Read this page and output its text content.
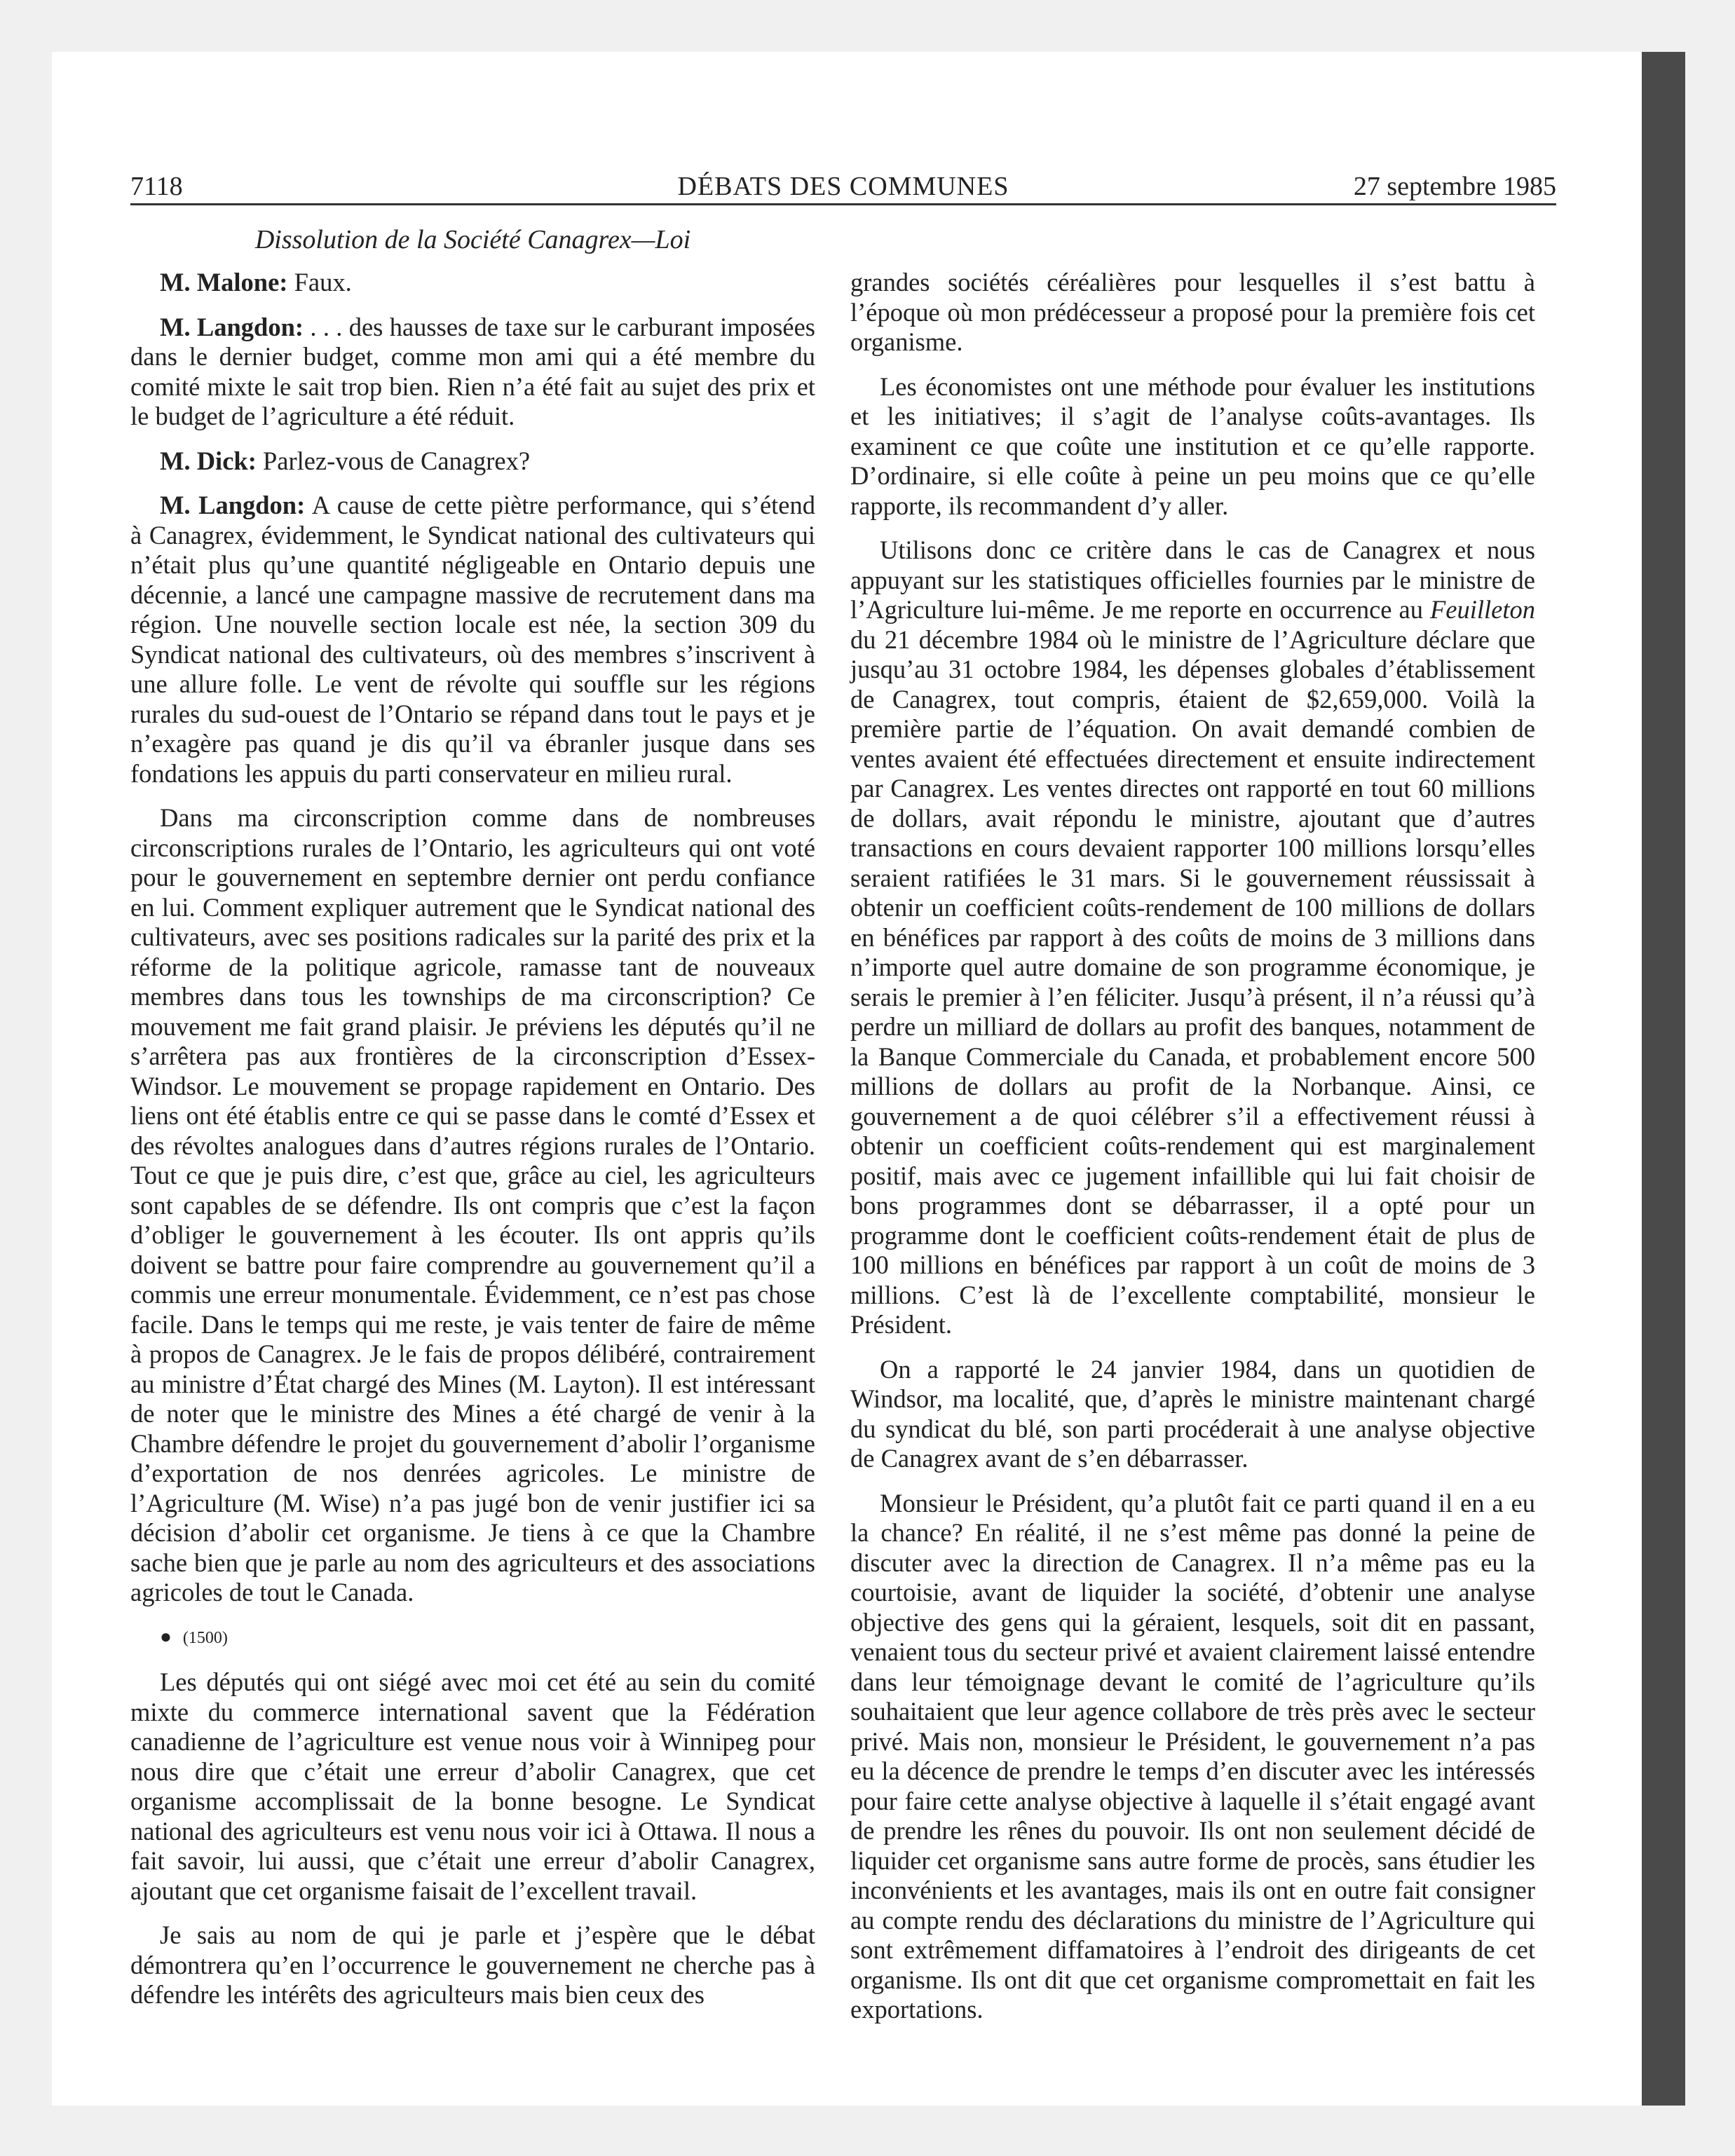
7118	DÉBATS DES COMMUNES	27 septembre 1985
Dissolution de la Société Canagrex—Loi

M. Malone: Faux.

M. Langdon: . . . des hausses de taxe sur le carburant imposées dans le dernier budget, comme mon ami qui a été membre du comité mixte le sait trop bien. Rien n’a été fait au sujet des prix et le budget de l’agriculture a été réduit.

M. Dick: Parlez-vous de Canagrex?

M. Langdon: A cause de cette piètre performance, qui s’étend à Canagrex, évidemment, le Syndicat national des cultivateurs qui n’était plus qu’une quantité négligeable en Ontario depuis une décennie, a lancé une campagne massive de recrutement dans ma région. Une nouvelle section locale est née, la section 309 du Syndicat national des cultivateurs, où des membres s’inscrivent à une allure folle. Le vent de révolte qui souffle sur les régions rurales du sud-ouest de l’Ontario se répand dans tout le pays et je n’exagère pas quand je dis qu’il va ébranler jusque dans ses fondations les appuis du parti conservateur en milieu rural.

Dans ma circonscription comme dans de nombreuses circonscriptions rurales de l’Ontario, les agriculteurs qui ont voté pour le gouvernement en septembre dernier ont perdu confiance en lui. Comment expliquer autrement que le Syndicat national des cultivateurs, avec ses positions radicales sur la parité des prix et la réforme de la politique agricole, ramasse tant de nouveaux membres dans tous les townships de ma circonscription? Ce mouvement me fait grand plaisir. Je préviens les députés qu’il ne s’arrêtera pas aux frontières de la circonscription d’Essex-Windsor. Le mouvement se propage rapidement en Ontario. Des liens ont été établis entre ce qui se passe dans le comté d’Essex et des révoltes analogues dans d’autres régions rurales de l’Ontario. Tout ce que je puis dire, c’est que, grâce au ciel, les agriculteurs sont capables de se défendre. Ils ont compris que c’est la façon d’obliger le gouvernement à les écouter. Ils ont appris qu’ils doivent se battre pour faire comprendre au gouvernement qu’il a commis une erreur monumentale. Évidemment, ce n’est pas chose facile. Dans le temps qui me reste, je vais tenter de faire de même à propos de Canagrex. Je le fais de propos délibéré, contrairement au ministre d’État chargé des Mines (M. Layton). Il est intéressant de noter que le ministre des Mines a été chargé de venir à la Chambre défendre le projet du gouvernement d’abolir l’organisme d’exportation de nos denrées agricoles. Le ministre de l’Agriculture (M. Wise) n’a pas jugé bon de venir justifier ici sa décision d’abolir cet organisme. Je tiens à ce que la Chambre sache bien que je parle au nom des agriculteurs et des associations agricoles de tout le Canada.

● (1500)

Les députés qui ont siégé avec moi cet été au sein du comité mixte du commerce international savent que la Fédération canadienne de l’agriculture est venue nous voir à Winnipeg pour nous dire que c’était une erreur d’abolir Canagrex, que cet organisme accomplissait de la bonne besogne. Le Syndicat national des agriculteurs est venu nous voir ici à Ottawa. Il nous a fait savoir, lui aussi, que c’était une erreur d’abolir Canagrex, ajoutant que cet organisme faisait de l’excellent travail.

Je sais au nom de qui je parle et j’espère que le débat démontrera qu’en l’occurrence le gouvernement ne cherche pas à défendre les intérêts des agriculteurs mais bien ceux des

grandes sociétés céréalières pour lesquelles il s’est battu à l’époque où mon prédécesseur a proposé pour la première fois cet organisme.

Les économistes ont une méthode pour évaluer les institutions et les initiatives; il s’agit de l’analyse coûts-avantages. Ils examinent ce que coûte une institution et ce qu’elle rapporte. D’ordinaire, si elle coûte à peine un peu moins que ce qu’elle rapporte, ils recommandent d’y aller.

Utilisons donc ce critère dans le cas de Canagrex et nous appuyant sur les statistiques officielles fournies par le ministre de l’Agriculture lui-même. Je me reporte en occurrence au Feuilleton du 21 décembre 1984 où le ministre de l’Agriculture déclare que jusqu’au 31 octobre 1984, les dépenses globales d’établissement de Canagrex, tout compris, étaient de $2,659,000. Voilà la première partie de l’équation. On avait demandé combien de ventes avaient été effectuées directement et ensuite indirectement par Canagrex. Les ventes directes ont rapporté en tout 60 millions de dollars, avait répondu le ministre, ajoutant que d’autres transactions en cours devaient rapporter 100 millions lorsqu’elles seraient ratifiées le 31 mars. Si le gouvernement réussissait à obtenir un coefficient coûts-rendement de 100 millions de dollars en bénéfices par rapport à des coûts de moins de 3 millions dans n’importe quel autre domaine de son programme économique, je serais le premier à l’en féliciter. Jusqu’à présent, il n’a réussi qu’à perdre un milliard de dollars au profit des banques, notamment de la Banque Commerciale du Canada, et probablement encore 500 millions de dollars au profit de la Norbanque. Ainsi, ce gouvernement a de quoi célébrer s’il a effectivement réussi à obtenir un coefficient coûts-rendement qui est marginalement positif, mais avec ce jugement infaillible qui lui fait choisir de bons programmes dont se débarrasser, il a opté pour un programme dont le coefficient coûts-rendement était de plus de 100 millions en bénéfices par rapport à un coût de moins de 3 millions. C’est là de l’excellente comptabilité, monsieur le Président.

On a rapporté le 24 janvier 1984, dans un quotidien de Windsor, ma localité, que, d’après le ministre maintenant chargé du syndicat du blé, son parti procéderait à une analyse objective de Canagrex avant de s’en débarrasser.

Monsieur le Président, qu’a plutôt fait ce parti quand il en a eu la chance? En réalité, il ne s’est même pas donné la peine de discuter avec la direction de Canagrex. Il n’a même pas eu la courtoisie, avant de liquider la société, d’obtenir une analyse objective des gens qui la géraient, lesquels, soit dit en passant, venaient tous du secteur privé et avaient clairement laissé entendre dans leur témoignage devant le comité de l’agriculture qu’ils souhaitaient que leur agence collabore de très près avec le secteur privé. Mais non, monsieur le Président, le gouvernement n’a pas eu la décence de prendre le temps d’en discuter avec les intéressés pour faire cette analyse objective à laquelle il s’était engagé avant de prendre les rênes du pouvoir. Ils ont non seulement décidé de liquider cet organisme sans autre forme de procès, sans étudier les inconvénients et les avantages, mais ils ont en outre fait consigner au compte rendu des déclarations du ministre de l’Agriculture qui sont extrêmement diffamatoires à l’endroit des dirigeants de cet organisme. Ils ont dit que cet organisme compromettait en fait les exportations.
